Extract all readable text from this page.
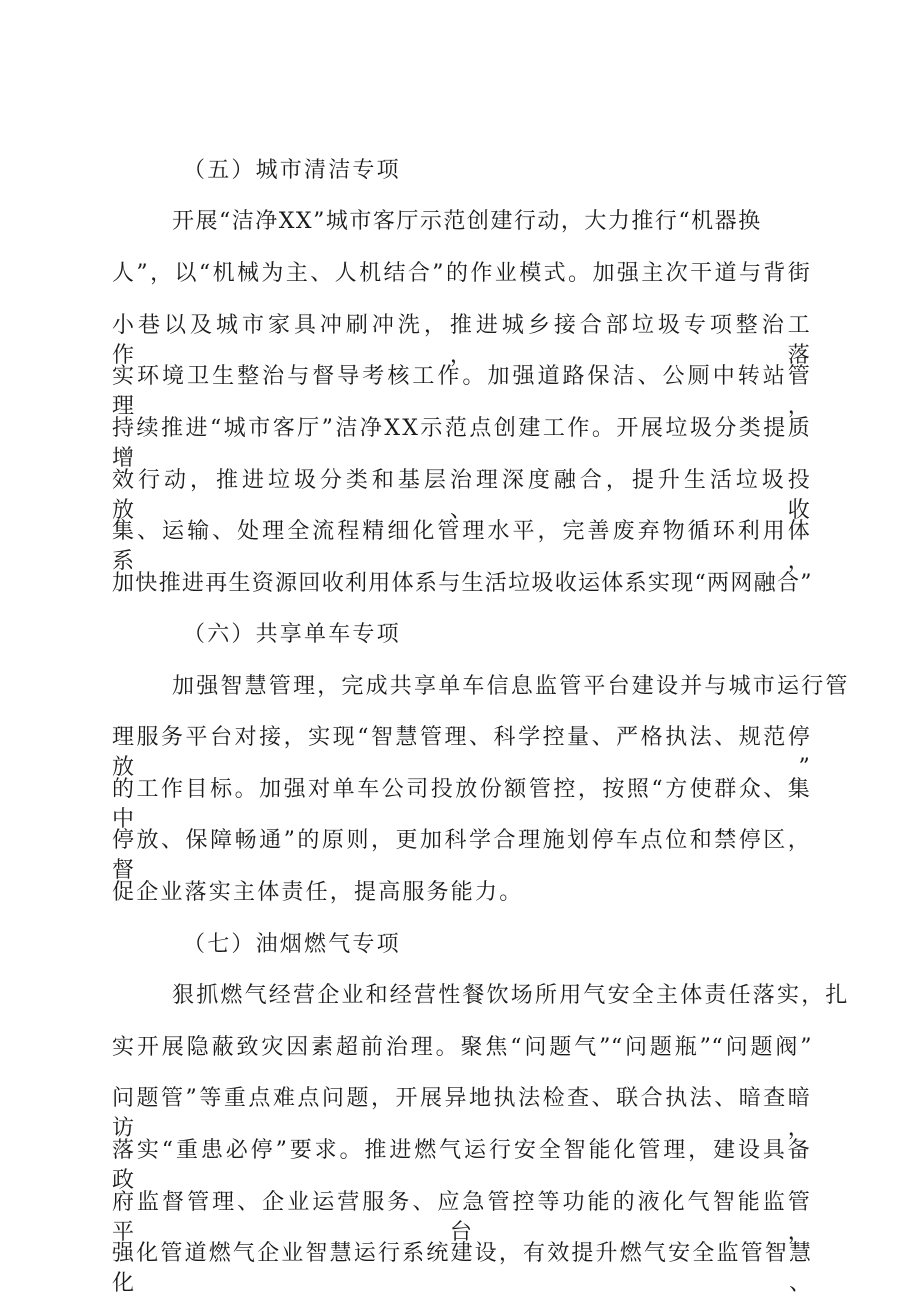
（五）城市清洁专项
开展“洁净XX”城市客厅示范创建行动，大力推行“机器换
人”，以“机械为主、人机结合”的作业模式。加强主次干道与背街
小巷以及城市家具冲刷冲洗，推进城乡接合部垃圾专项整治工作，落
实环境卫生整治与督导考核工作。加强道路保洁、公厕中转站管理，
持续推进“城市客厅”洁净XX示范点创建工作。开展垃圾分类提质增
效行动，推进垃圾分类和基层治理深度融合，提升生活垃圾投放、收
集、运输、处理全流程精细化管理水平，完善废弃物循环利用体系，
加快推进再生资源回收利用体系与生活垃圾收运体系实现“两网融合”
（六）共享单车专项
加强智慧管理，完成共享单车信息监管平台建设并与城市运行管
理服务平台对接，实现“智慧管理、科学控量、严格执法、规范停放”
的工作目标。加强对单车公司投放份额管控，按照“方使群众、集中
停放、保障畅通”的原则，更加科学合理施划停车点位和禁停区，督
促企业落实主体责任，提高服务能力。
（七）油烟燃气专项
狠抓燃气经营企业和经营性餐饮场所用气安全主体责任落实，扎
实开展隐蔽致灾因素超前治理。聚焦“问题气”“问题瓶”“问题阀”
问题管”等重点难点问题，开展异地执法检查、联合执法、暗查暗访，
落实“重患必停”要求。推进燃气运行安全智能化管理，建设具备政
府监督管理、企业运营服务、应急管控等功能的液化气智能监管平台，
强化管道燃气企业智慧运行系统建设，有效提升燃气安全监管智慧化、
